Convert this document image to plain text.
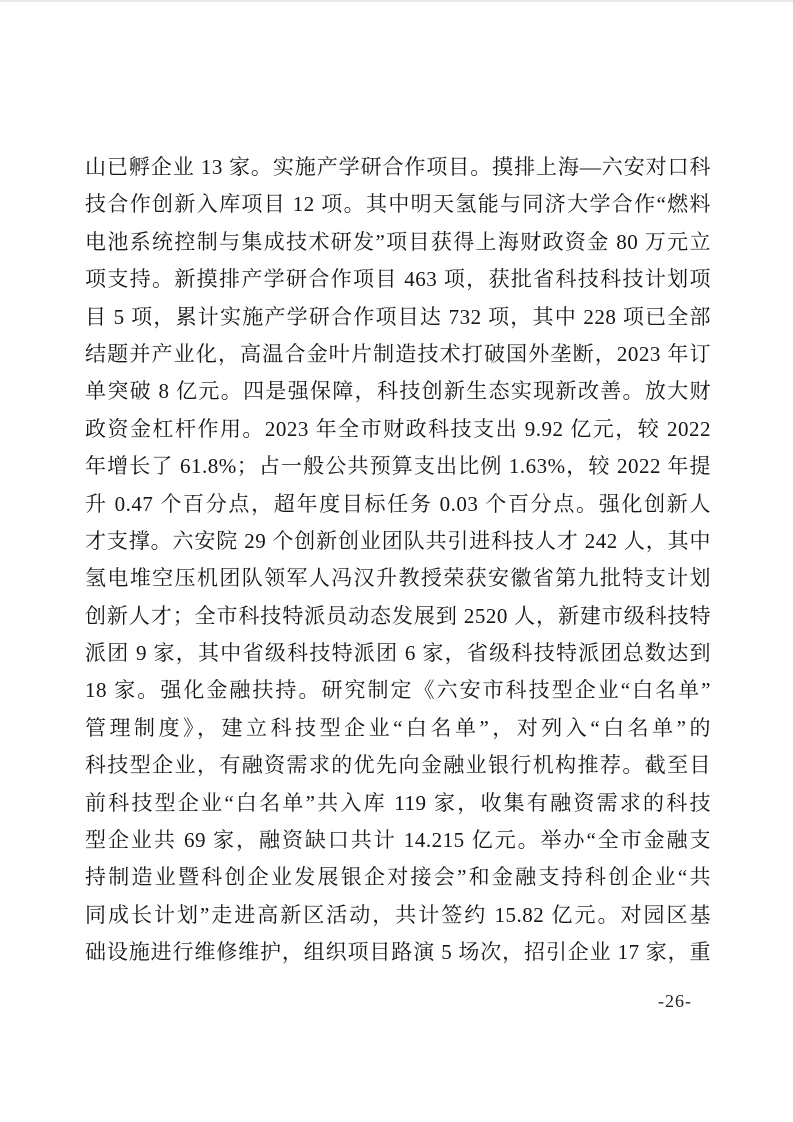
山已孵企业 13 家。实施产学研合作项目。摸排上海—六安对口科
技合作创新入库项目 12 项。其中明天氢能与同济大学合作“燃料
电池系统控制与集成技术研发”项目获得上海财政资金 80 万元立
项支持。新摸排产学研合作项目 463 项，获批省科技科技计划项
目 5 项，累计实施产学研合作项目达 732 项，其中 228 项已全部
结题并产业化，高温合金叶片制造技术打破国外垄断，2023 年订
单突破 8 亿元。四是强保障，科技创新生态实现新改善。放大财
政资金杠杆作用。2023 年全市财政科技支出 9.92 亿元，较 2022
年增长了 61.8%；占一般公共预算支出比例 1.63%，较 2022 年提
升 0.47 个百分点，超年度目标任务 0.03 个百分点。强化创新人
才支撑。六安院 29 个创新创业团队共引进科技人才 242 人，其中
氢电堆空压机团队领军人冯汉升教授荣获安徽省第九批特支计划
创新人才；全市科技特派员动态发展到 2520 人，新建市级科技特
派团 9 家，其中省级科技特派团 6 家，省级科技特派团总数达到
18 家。强化金融扶持。研究制定《六安市科技型企业“白名单”
管理制度》，建立科技型企业“白名单”，对列入“白名单”的
科技型企业，有融资需求的优先向金融业银行机构推荐。截至目
前科技型企业“白名单”共入库 119 家，收集有融资需求的科技
型企业共 69 家，融资缺口共计 14.215 亿元。举办“全市金融支
持制造业暨科创企业发展银企对接会”和金融支持科创企业“共
同成长计划”走进高新区活动，共计签约 15.82 亿元。对园区基
础设施进行维修维护，组织项目路演 5 场次，招引企业 17 家，重
-26-
